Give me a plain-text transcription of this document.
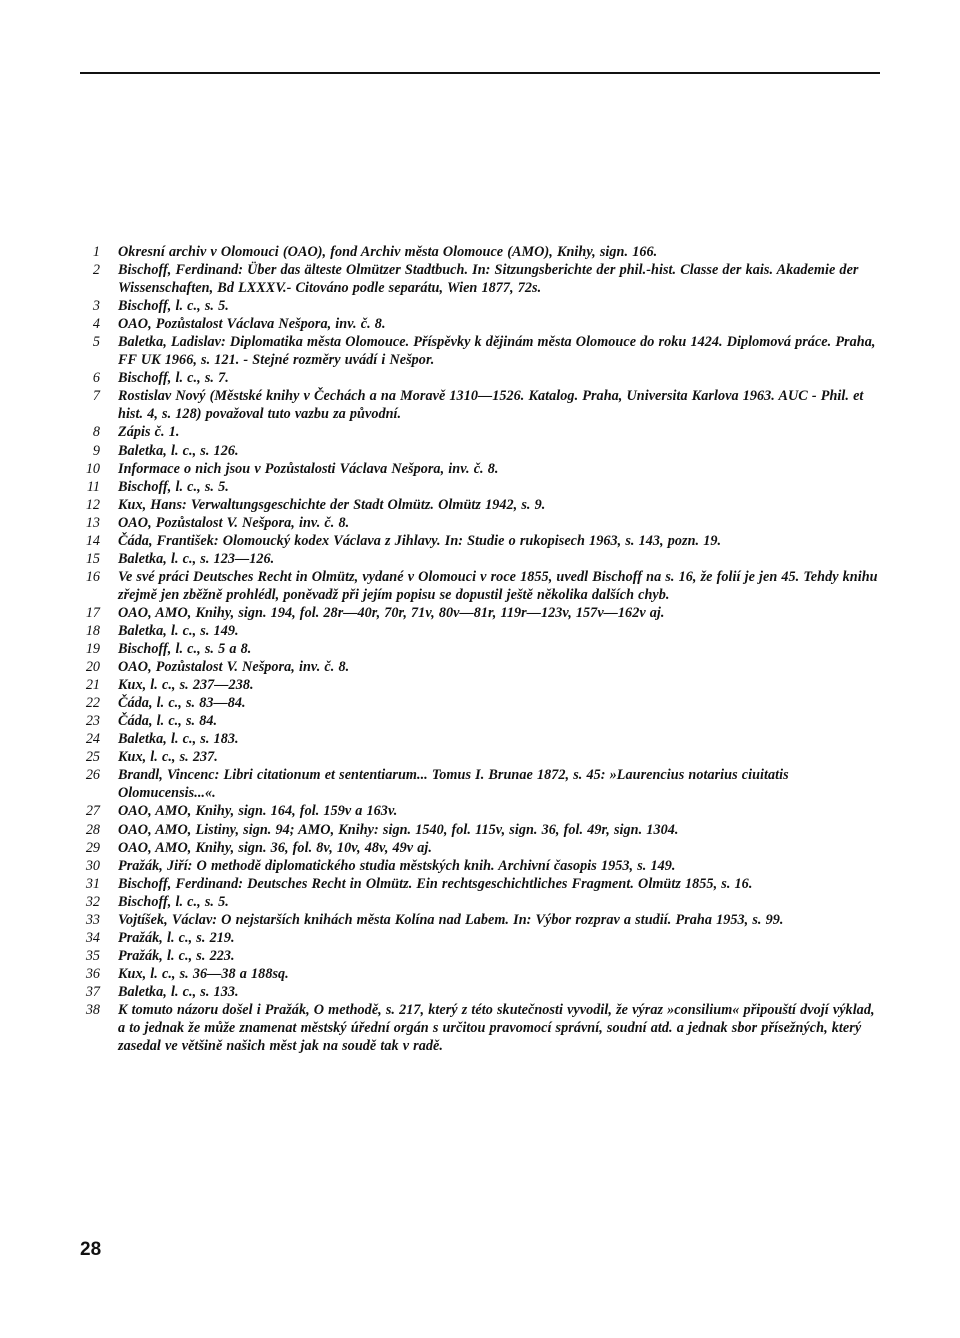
1 Okresní archiv v Olomouci (OAO), fond Archiv města Olomouce (AMO), Knihy, sign. 166.
2 Bischoff, Ferdinand: Über das älteste Olmützer Stadtbuch. In: Sitzungsberichte der phil.-hist. Classe der kais. Akademie der Wissenschaften, Bd LXXXV.- Citováno podle separátu, Wien 1877, 72s.
3 Bischoff, l. c., s. 5.
4 OAO, Pozůstalost Václava Nešpora, inv. č. 8.
5 Baletka, Ladislav: Diplomatika města Olomouce. Příspěvky k dějinám města Olomouce do roku 1424. Diplomová práce. Praha, FF UK 1966, s. 121. - Stejné rozměry uvádí i Nešpor.
6 Bischoff, l. c., s. 7.
7 Rostislav Nový (Městské knihy v Čechách a na Moravě 1310—1526. Katalog. Praha, Universita Karlova 1963. AUC - Phil. et hist. 4, s. 128) považoval tuto vazbu za původní.
8 Zápis č. 1.
9 Baletka, l. c., s. 126.
10 Informace o nich jsou v Pozůstalosti Václava Nešpora, inv. č. 8.
11 Bischoff, l. c., s. 5.
12 Kux, Hans: Verwaltungsgeschichte der Stadt Olmütz. Olmütz 1942, s. 9.
13 OAO, Pozůstalost V. Nešpora, inv. č. 8.
14 Čáda, František: Olomoucký kodex Václava z Jihlavy. In: Studie o rukopisech 1963, s. 143, pozn. 19.
15 Baletka, l. c., s. 123—126.
16 Ve své práci Deutsches Recht in Olmütz, vydané v Olomouci v roce 1855, uvedl Bischoff na s. 16, že folií je jen 45. Tehdy knihu zřejmě jen zběžně prohlédl, poněvadž při jejím popisu se dopustil ještě několika dalších chyb.
17 OAO, AMO, Knihy, sign. 194, fol. 28r—40r, 70r, 71v, 80v—81r, 119r—123v, 157v—162v aj.
18 Baletka, l. c., s. 149.
19 Bischoff, l. c., s. 5 a 8.
20 OAO, Pozůstalost V. Nešpora, inv. č. 8.
21 Kux, l. c., s. 237—238.
22 Čáda, l. c., s. 83—84.
23 Čáda, l. c., s. 84.
24 Baletka, l. c., s. 183.
25 Kux, l. c., s. 237.
26 Brandl, Vincenc: Libri citationum et sententiarum... Tomus I. Brunae 1872, s. 45: »Laurencius notarius ciuitatis Olomucensis...«.
27 OAO, AMO, Knihy, sign. 164, fol. 159v a 163v.
28 OAO, AMO, Listiny, sign. 94; AMO, Knihy: sign. 1540, fol. 115v, sign. 36, fol. 49r, sign. 1304.
29 OAO, AMO, Knihy, sign. 36, fol. 8v, 10v, 48v, 49v aj.
30 Pražák, Jiří: O methodě diplomatického studia městských knih. Archivní časopis 1953, s. 149.
31 Bischoff, Ferdinand: Deutsches Recht in Olmütz. Ein rechtsgeschichtliches Fragment. Olmütz 1855, s. 16.
32 Bischoff, l. c., s. 5.
33 Vojtíšek, Václav: O nejstarších knihách města Kolína nad Labem. In: Výbor rozprav a studií. Praha 1953, s. 99.
34 Pražák, l. c., s. 219.
35 Pražák, l. c., s. 223.
36 Kux, l. c., s. 36—38 a 188sq.
37 Baletka, l. c., s. 133.
38 K tomuto názoru došel i Pražák, O methodě, s. 217, který z této skutečnosti vyvodil, že výraz »consilium« připouští dvojí výklad, a to jednak že může znamenat městský úřední orgán s určitou pravomocí správní, soudní atd. a jednak sbor přísežných, který zasedal ve většině našich měst jak na soudě tak v radě.
28
